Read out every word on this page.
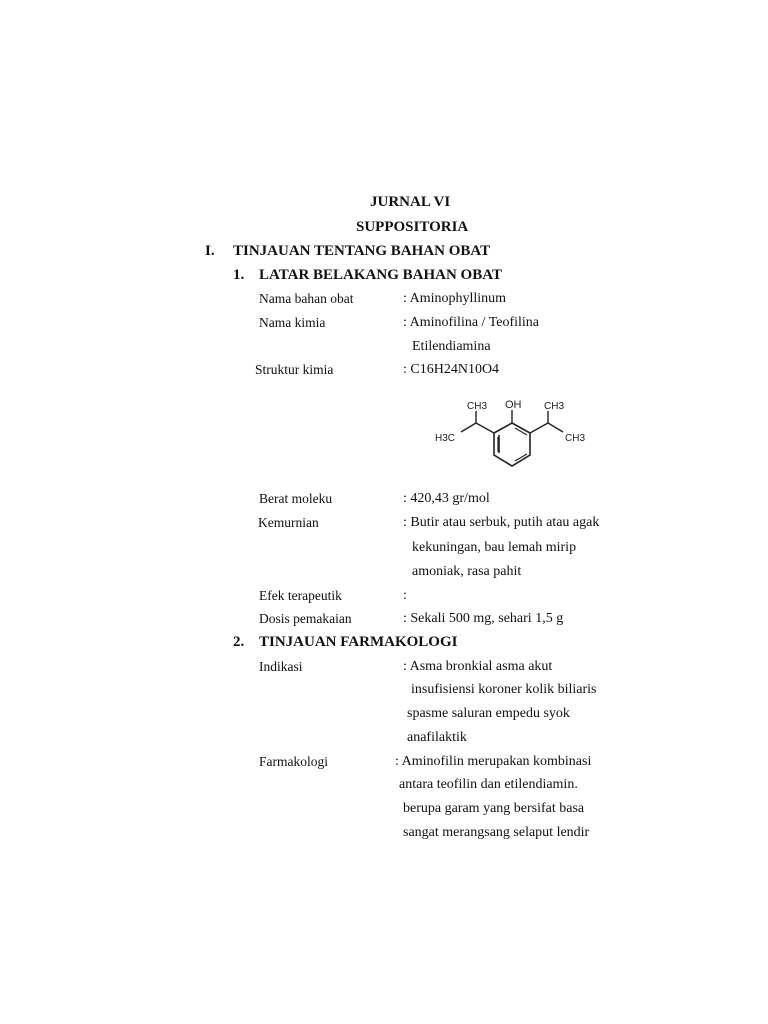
JURNAL VI
SUPPOSITORIA
I. TINJAUAN TENTANG BAHAN OBAT
1. LATAR BELAKANG BAHAN OBAT
Nama bahan obat	: Aminophyllinum
Nama kimia	: Aminofilina / Teofilina
Etilendiamina
Struktur kimia	: C16H24N10O4
OH
CH3	CH3
H3C	CH3
Berat moleku	: 420,43 gr/mol
Kemurnian	: Butir atau serbuk, putih atau agak
kekuningan, bau lemah mirip
amoniak, rasa pahit
Efek terapeutik	:
Dosis pemakaian	: Sekali 500 mg, sehari 1,5 g
2. TINJAUAN FARMAKOLOGI
Indikasi	: Asma bronkial asma akut
insufisiensi koroner kolik biliaris
spasme saluran empedu syok
anafilaktik
Farmakologi	: Aminofilin merupakan kombinasi
antara teofilin dan etilendiamin.
berupa garam yang bersifat basa
sangat merangsang selaput lendir
